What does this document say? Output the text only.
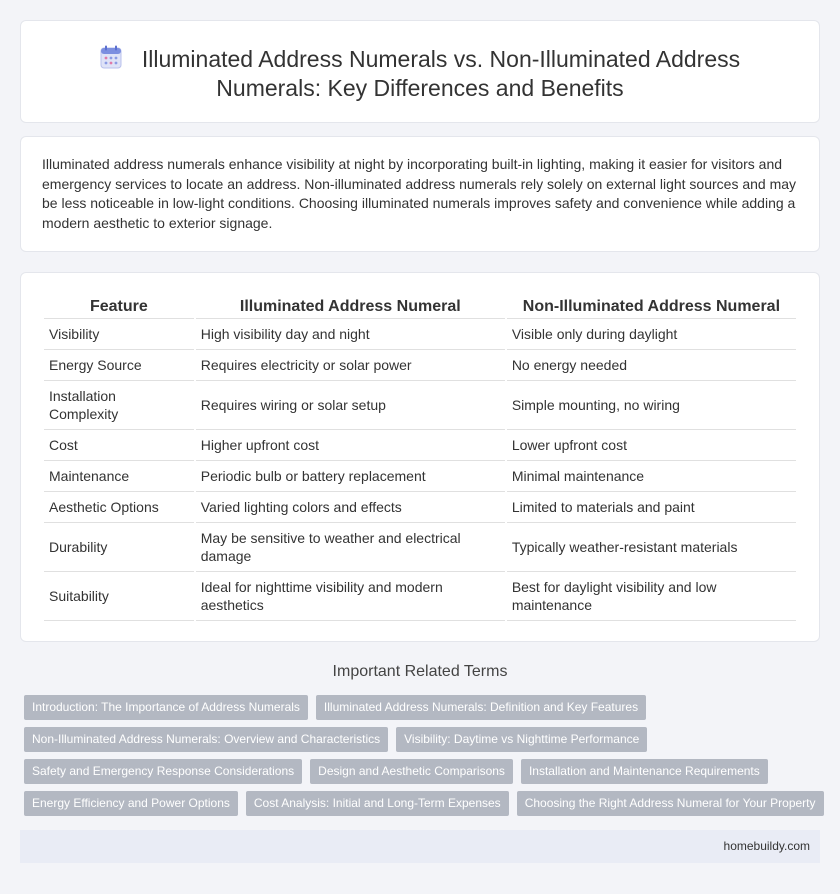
Illuminated Address Numerals vs. Non-Illuminated Address
Numerals: Key Differences and Benefits

Illuminated address numerals enhance visibility at night by incorporating built-in lighting, making it easier for visitors and emergency services to locate an address. Non-illuminated address numerals rely solely on external light sources and may be less noticeable in low-light conditions. Choosing illuminated numerals improves safety and convenience while adding a modern aesthetic to exterior signage.

Feature	Illuminated Address Numeral	Non-Illuminated Address Numeral
Visibility	High visibility day and night	Visible only during daylight
Energy Source	Requires electricity or solar power	No energy needed
Installation Complexity	Requires wiring or solar setup	Simple mounting, no wiring
Cost	Higher upfront cost	Lower upfront cost
Maintenance	Periodic bulb or battery replacement	Minimal maintenance
Aesthetic Options	Varied lighting colors and effects	Limited to materials and paint
Durability	May be sensitive to weather and electrical damage	Typically weather-resistant materials
Suitability	Ideal for nighttime visibility and modern aesthetics	Best for daylight visibility and low maintenance
Important Related Terms
Introduction: The Importance of Address Numerals Illuminated Address Numerals: Definition and Key Features
Non-Illuminated Address Numerals: Overview and Characteristics Visibility: Daytime vs Nighttime Performance
Safety and Emergency Response Considerations Design and Aesthetic Comparisons Installation and Maintenance Requirements
Energy Efficiency and Power Options Cost Analysis: Initial and Long-Term Expenses Choosing the Right Address Numeral for Your Property
homebuildy.com
